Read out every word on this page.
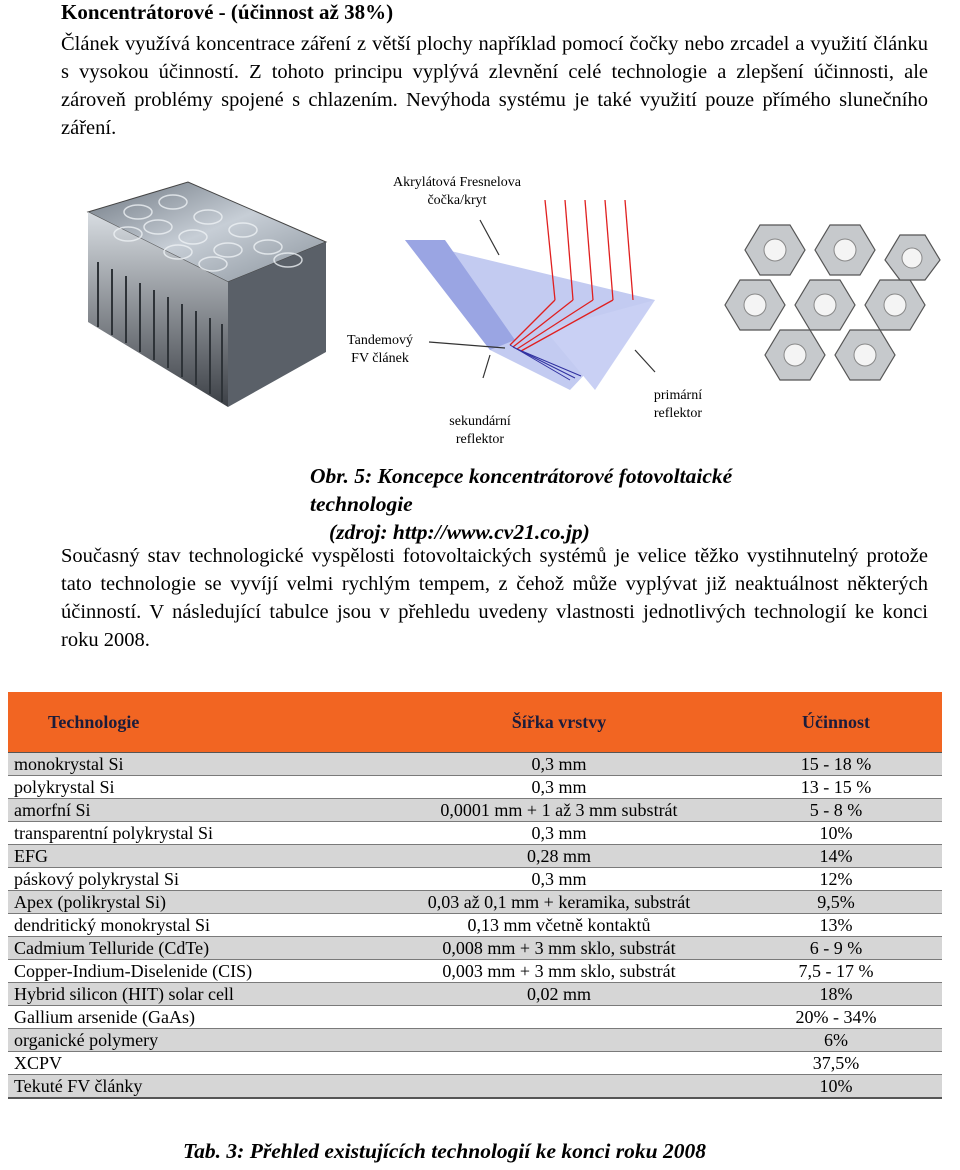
Koncentrátorové - (účinnost až 38%)
Článek využívá koncentrace záření z větší plochy například pomocí čočky nebo zrcadel a využití článku s vysokou účinností. Z tohoto principu vyplývá zlevnění celé technologie a zlepšení účinnosti, ale zároveň problémy spojené s chlazením. Nevýhoda systému je také využití pouze přímého slunečního záření.
Akrylátová Fresnelova čočka/kryt
Tandemový FV článek
sekundární reflektor
primární reflektor
Obr. 5: Koncepce koncentrátorové fotovoltaické technologie
(zdroj: http://www.cv21.co.jp)
Současný stav technologické vyspělosti fotovoltaických systémů je velice těžko vystihnutelný protože tato technologie se vyvíjí velmi rychlým tempem, z čehož může vyplývat již neaktuálnost některých účinností. V následující tabulce jsou v přehledu uvedeny vlastnosti jednotlivých technologií ke konci roku 2008.
Technologie	Šířka vrstvy	Účinnost
monokrystal Si	0,3 mm	15 - 18 %
polykrystal Si	0,3 mm	13 - 15 %
amorfní Si	0,0001 mm + 1 až 3 mm substrát	5 - 8 %
transparentní polykrystal Si	0,3 mm	10%
EFG	0,28 mm	14%
páskový polykrystal Si	0,3 mm	12%
Apex (polikrystal Si)	0,03 až 0,1 mm + keramika, substrát	9,5%
dendritický monokrystal Si	0,13 mm včetně kontaktů	13%
Cadmium Telluride (CdTe)	0,008 mm + 3 mm sklo, substrát	6 - 9 %
Copper-Indium-Diselenide (CIS)	0,003 mm + 3 mm sklo, substrát	7,5 - 17 %
Hybrid silicon (HIT) solar cell	0,02 mm	18%
Gallium arsenide (GaAs)		20% - 34%
organické polymery		6%
XCPV		37,5%
Tekuté FV články		10%
Tab. 3: Přehled existujících technologií ke konci roku 2008
